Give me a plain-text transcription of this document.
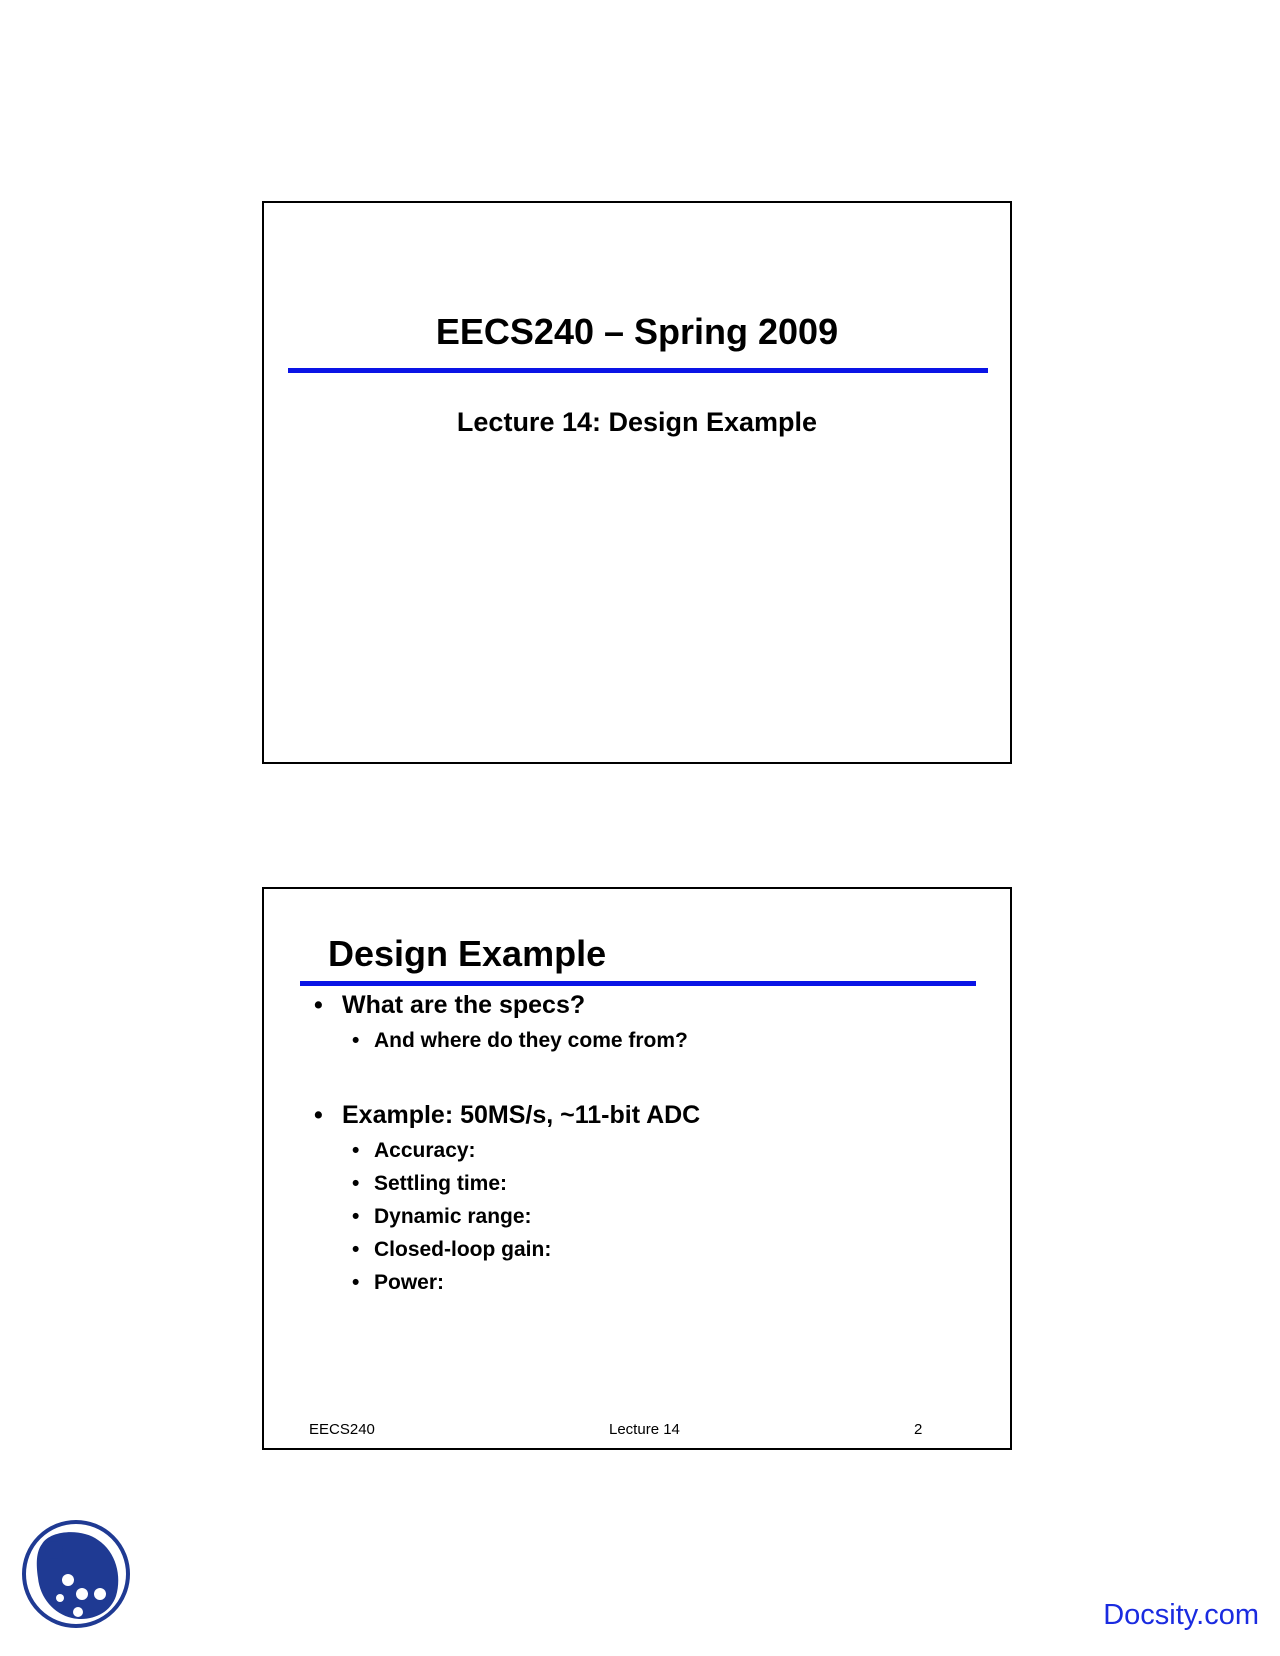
EECS240 – Spring 2009
Lecture 14: Design Example
Design Example
• What are the specs?
• And where do they come from?
• Example: 50MS/s, ~11-bit ADC
• Accuracy:
• Settling time:
• Dynamic range:
• Closed-loop gain:
• Power:
EECS240	Lecture 14	2
Docsity.com
